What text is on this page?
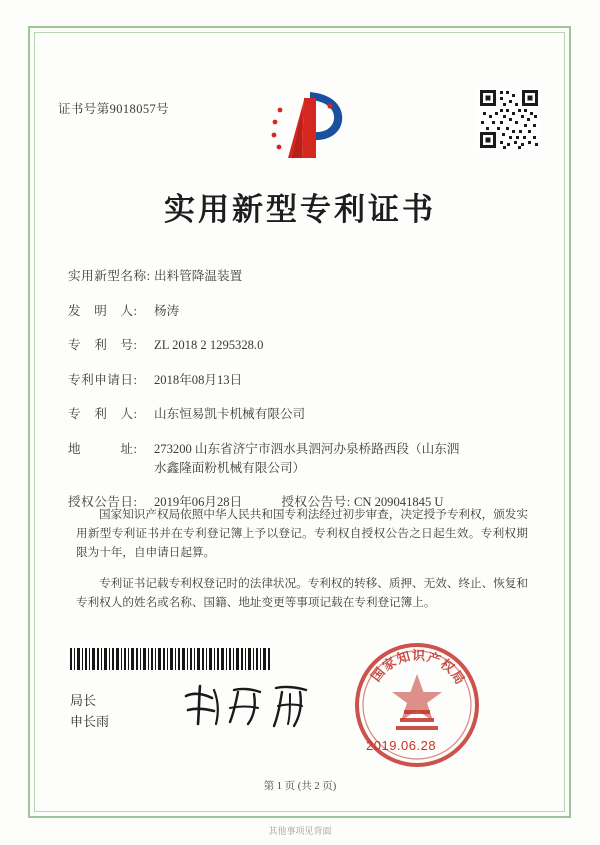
证书号第9018057号
实用新型专利证书
实用新型名称: 出料管降温装置
发　明　人: 杨涛
专　利　号: ZL 2018 2 1295328.0
专利申请日: 2018年08月13日
专　利　人: 山东恒易凯卡机械有限公司
地　　　址: 273200 山东省济宁市泗水具泗河办泉桥路西段（山东泗
水鑫隆面粉机械有限公司）
授权公告日: 2019年06月28日	授权公告号: CN 209041845 U

国家知识产权局依照中华人民共和国专利法经过初步审查，决定授予专利权，颁发实用新型专利证书并在专利登记簿上予以登记。专利权自授权公告之日起生效。专利权期限为十年，自申请日起算。

专利证书记载专利权登记时的法律状况。专利权的转移、质押、无效、终止、恢复和专利权人的姓名或名称、国籍、地址变更等事项记载在专利登记簿上。

局长
申长雨
国
家
知 识 产
权
局
2019.06.28
第 1 页 (共 2 页)
其他事项见背面
